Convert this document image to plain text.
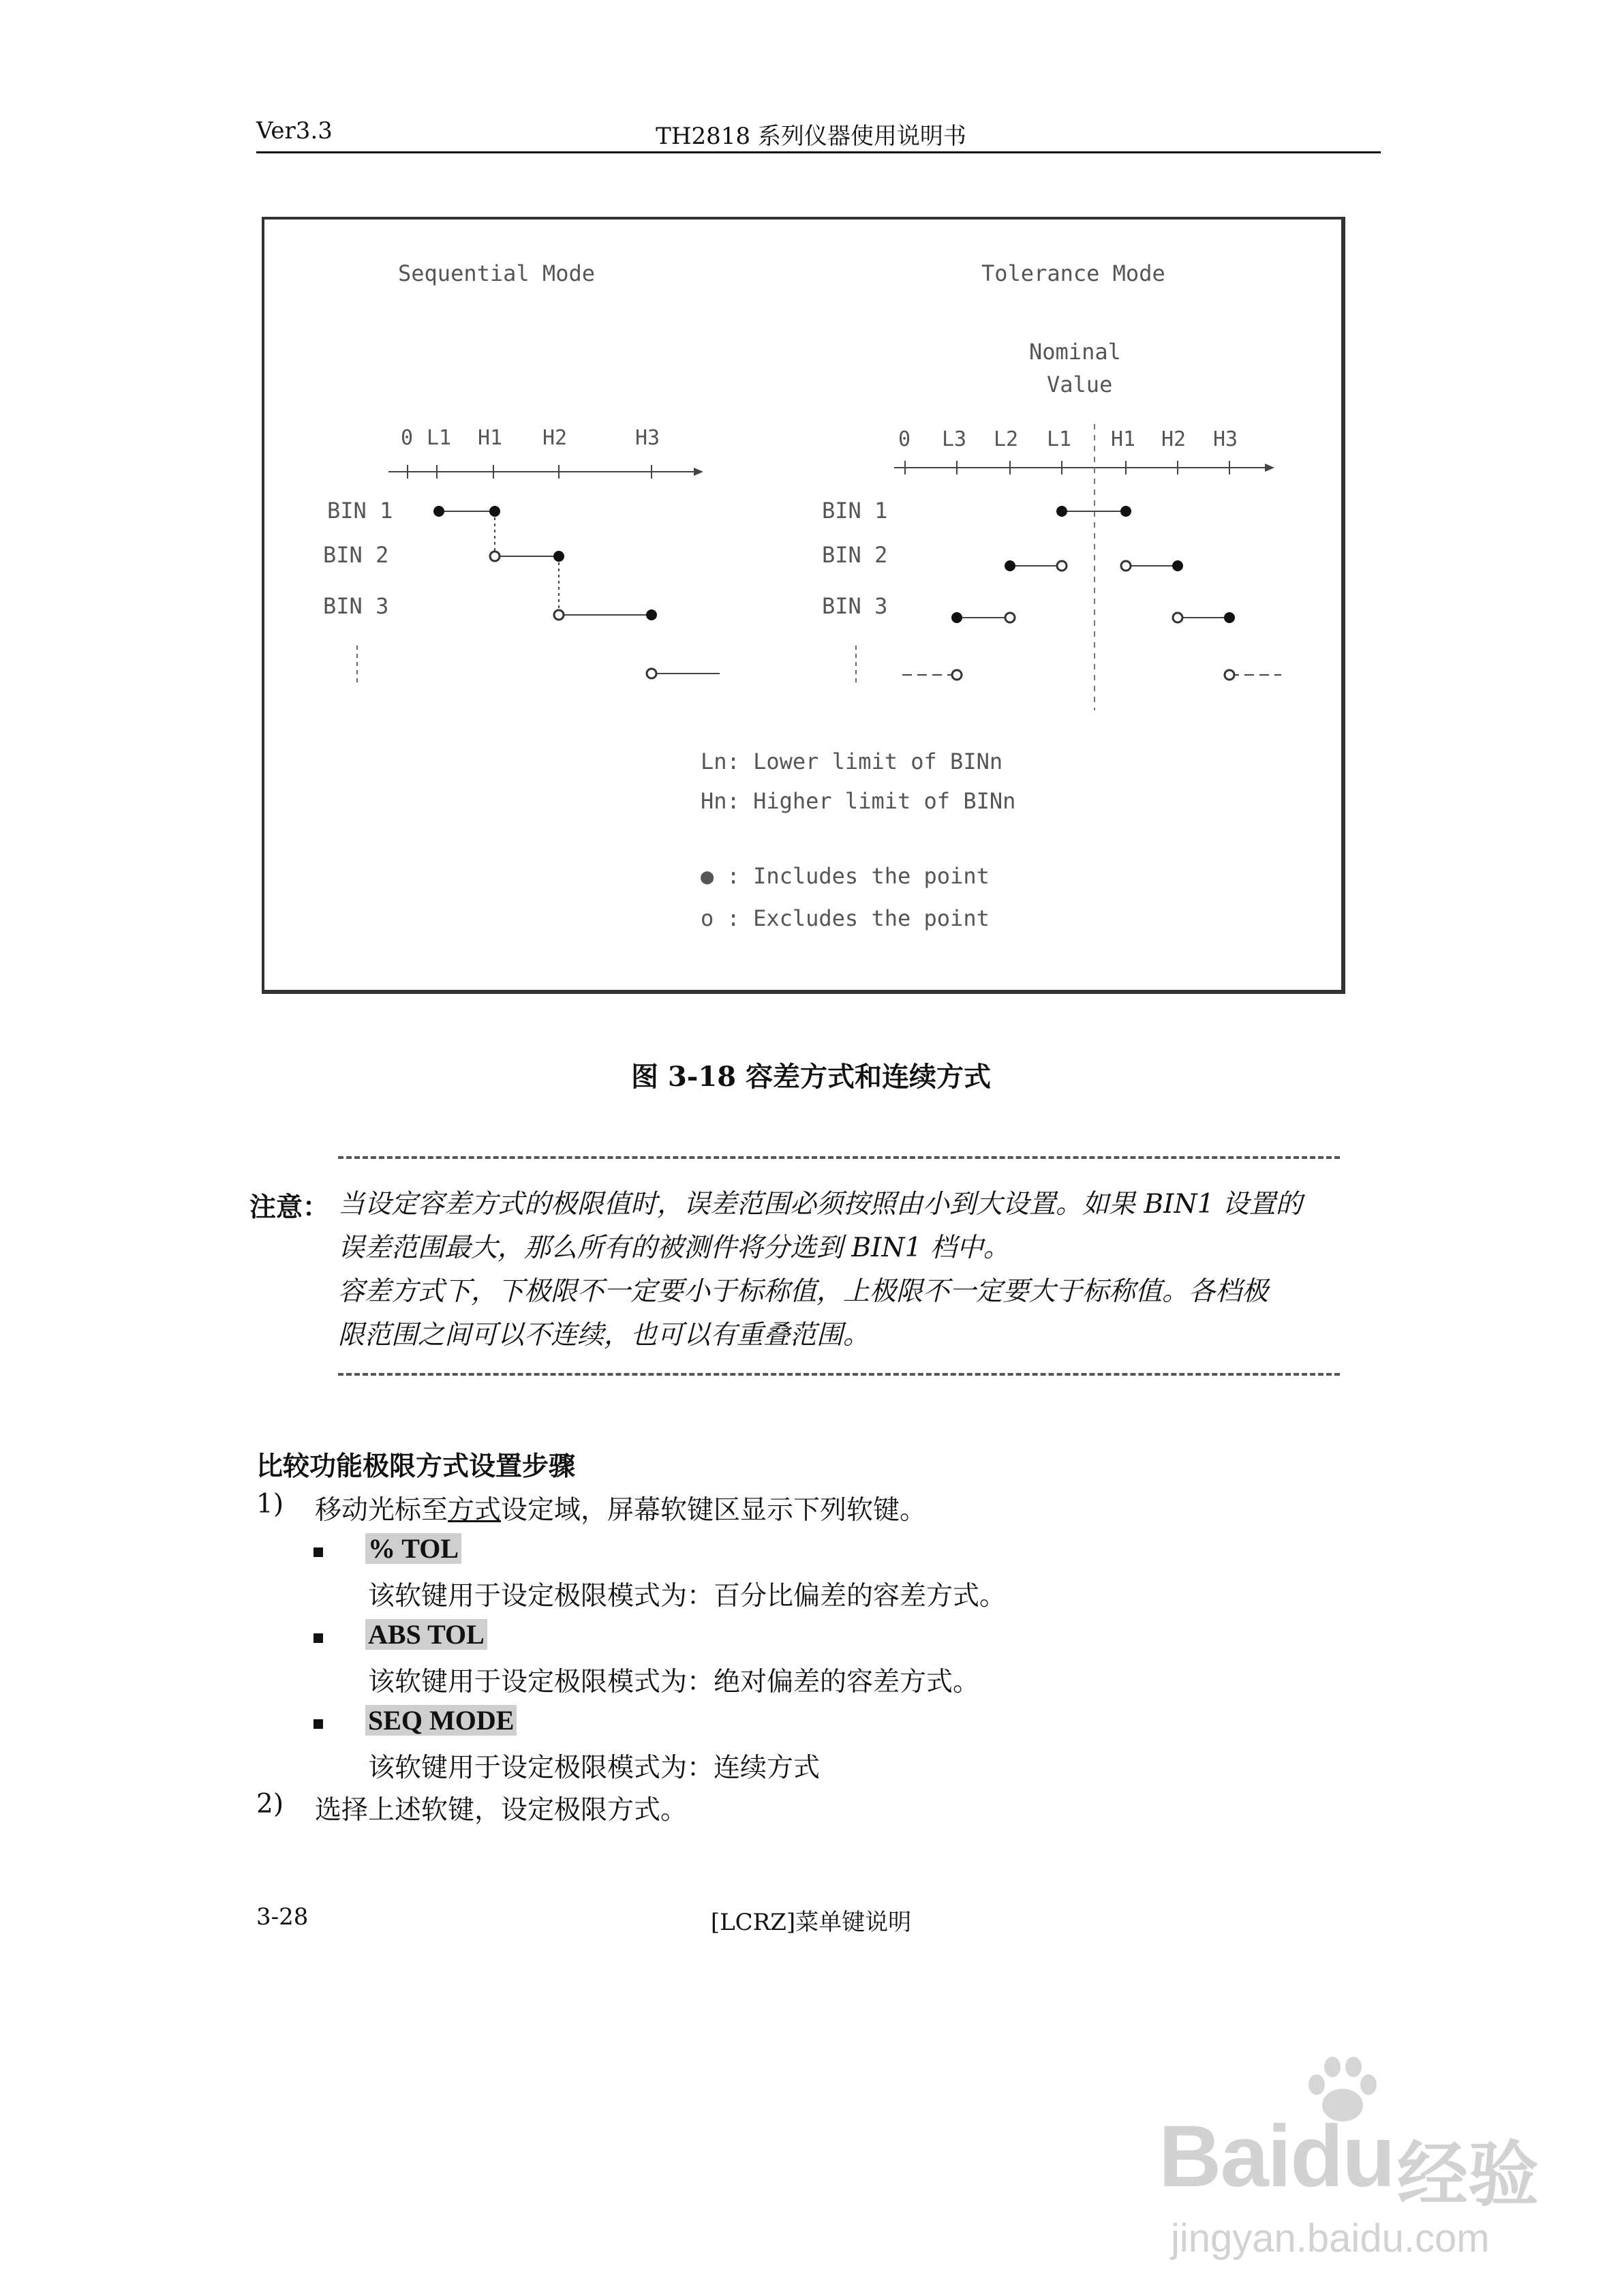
Ver3.3	TH2818 系列仪器使用说明书
Sequential Mode	Tolerance Mode
Nominal
Value
0 L1 H1 H2	H3
BIN 1
BIN 2
BIN 3
0 L3 L2 L1 H1 H2 H3
BIN 1
BIN 2
BIN 3
Ln: Lower limit of BINn
Hn: Higher limit of BINn
● : Includes the point
o : Excludes the point
图 3-18 容差方式和连续方式
注意： 当设定容差方式的极限值时，误差范围必须按照由小到大设置。如果 BIN1 设置的
误差范围最大，那么所有的被测件将分选到 BIN1 档中。
容差方式下，下极限不一定要小于标称值，上极限不一定要大于标称值。各档极
限范围之间可以不连续，也可以有重叠范围。
比较功能极限方式设置步骤
1) 移动光标至方式设定域，屏幕软键区显示下列软键。
% TOL
该软键用于设定极限模式为：百分比偏差的容差方式。
ABS TOL
该软键用于设定极限模式为：绝对偏差的容差方式。
SEQ MODE
该软键用于设定极限模式为：连续方式
2) 选择上述软键，设定极限方式。
3-28	[LCRZ]菜单键说明
Baidu 经验
jingyan.baidu.com
